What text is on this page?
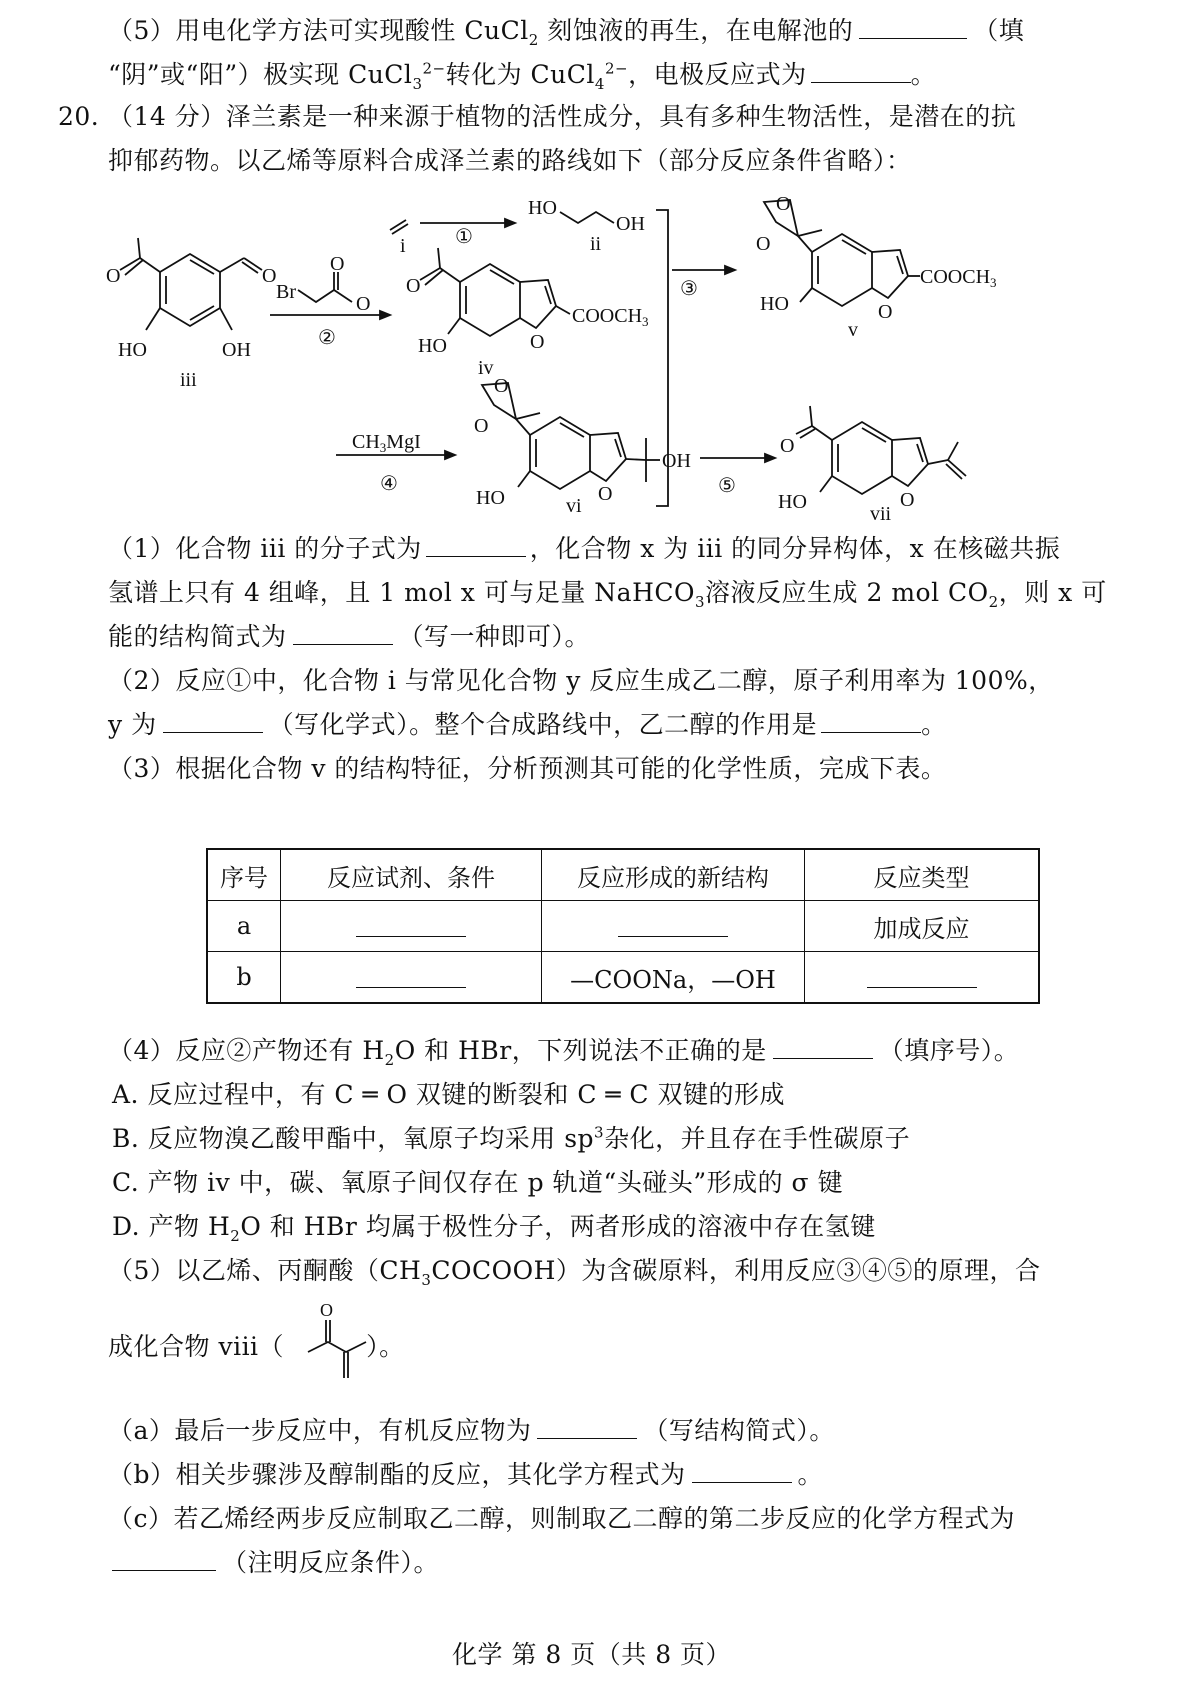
（5）用电化学方法可实现酸性 CuCl$_2$ 刻蚀液的再生，在电解池的	（填
“阴”或“阳”）极实现 CuCl$_3^{2-}$转化为 CuCl$_4^{2-}$，电极反应式为	。
20. （14 分）泽兰素是一种来源于植物的活性成分，具有多种生物活性，是潜在的抗
抑郁药物。以乙烯等原料合成泽兰素的路线如下（部分反应条件省略）：
i ①
HO
OH
ii
③
O	O
HO	OH
iii
Br
O
O
②
O
HO	O
$COOCH_3$
iv
O
O
HO	O
$COOCH_3$
v
$CH_3MgI$
④
O
O
HO	O
OH
vi
⑤
O
HO	O
vii
（1）化合物 iii 的分子式为	，化合物 x 为 iii 的同分异构体，x 在核磁共振
氢谱上只有 4 组峰，且 1 mol x 可与足量 NaHCO$_3$溶液反应生成 2 mol $CO_2$，则 x 可
能的结构简式为	（写一种即可）。
（2）反应①中，化合物 i 与常见化合物 y 反应生成乙二醇，原子利用率为 100%，
y 为	（写化学式）。整个合成路线中，乙二醇的作用是	。
（3）根据化合物 v 的结构特征，分析预测其可能的化学性质，完成下表。
序号	反应试剂、条件	反应形成的新结构	反应类型
a			加成反应
b		—COONa，—OH	
（4）反应②产物还有 $H_2O$ 和 HBr，下列说法不正确的是	（填序号）。
A. 反应过程中，有 C ═ O 双键的断裂和 C ═ C 双键的形成
B. 反应物溴乙酸甲酯中，氧原子均采用 $sp^3$杂化，并且存在手性碳原子
C. 产物 iv 中，碳、氧原子间仅存在 p 轨道“头碰头”形成的 σ 键
D. 产物 $H_2O$ 和 HBr 均属于极性分子，两者形成的溶液中存在氢键
（5）以乙烯、丙酮酸$(CH_3COCOOH)$为含碳原料，利用反应③④⑤的原理，合
成化合物 viii（	）。
O
（a）最后一步反应中，有机反应物为	（写结构简式）。
（b）相关步骤涉及醇制酯的反应，其化学方程式为	。
（c）若乙烯经两步反应制取乙二醇，则制取乙二醇的第二步反应的化学方程式为
（注明反应条件）。
化学 第 8 页（共 8 页）
